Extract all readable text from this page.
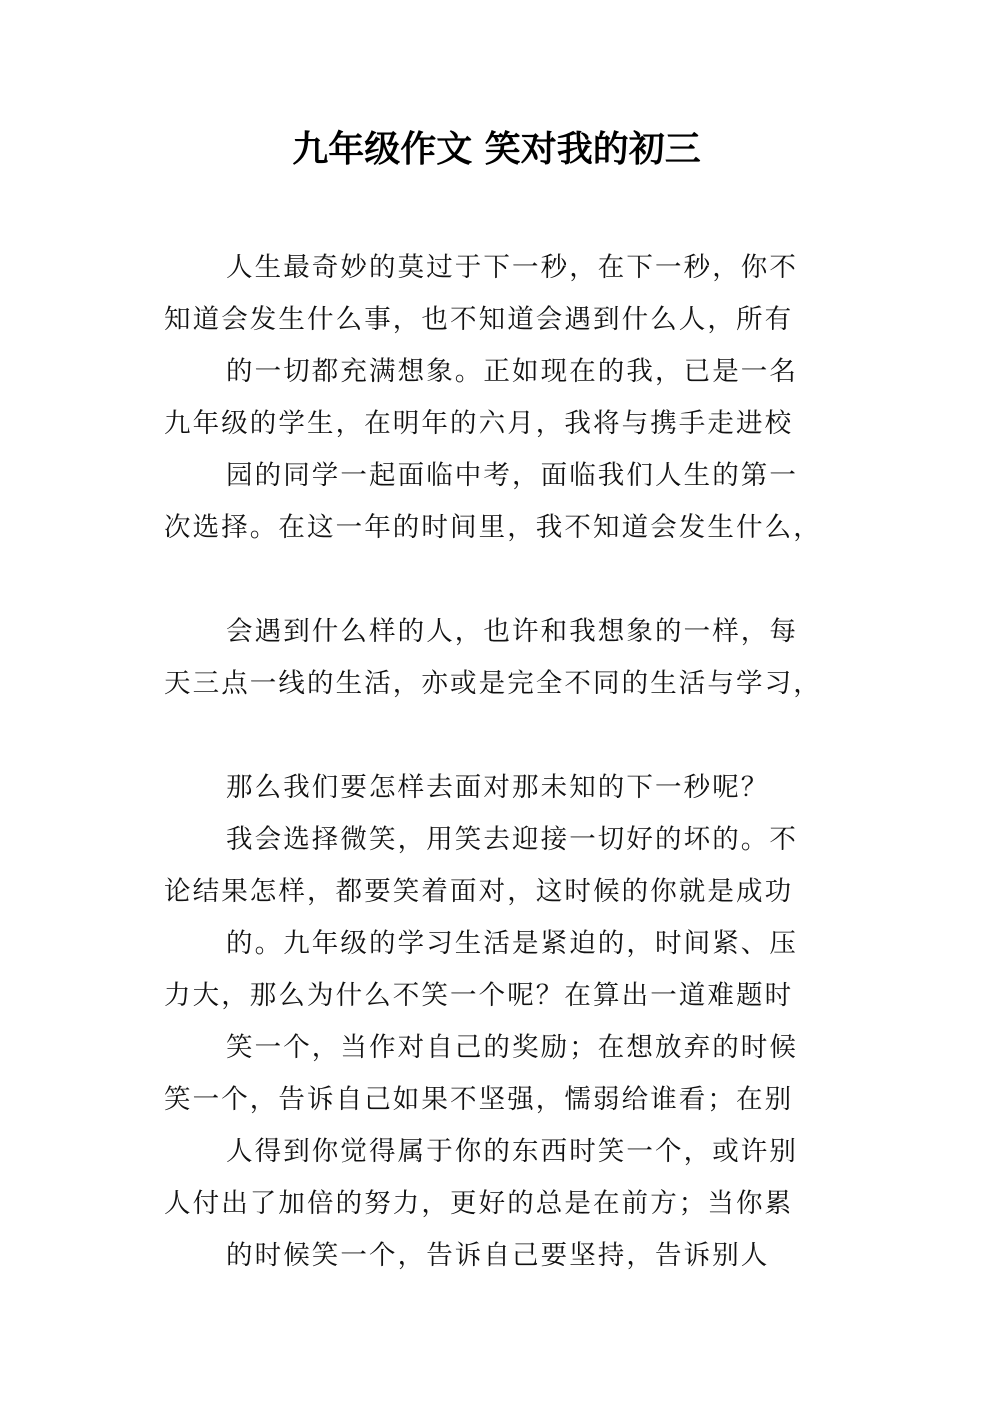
九年级作文 笑对我的初三
人生最奇妙的莫过于下一秒，在下一秒，你不
知道会发生什么事，也不知道会遇到什么人，所有
的一切都充满想象。正如现在的我，已是一名
九年级的学生，在明年的六月，我将与携手走进校
园的同学一起面临中考，面临我们人生的第一
次选择。在这一年的时间里，我不知道会发生什么，
会遇到什么样的人，也许和我想象的一样，每
天三点一线的生活，亦或是完全不同的生活与学习，
那么我们要怎样去面对那未知的下一秒呢？
我会选择微笑，用笑去迎接一切好的坏的。不
论结果怎样，都要笑着面对，这时候的你就是成功
的。九年级的学习生活是紧迫的，时间紧、压
力大，那么为什么不笑一个呢？在算出一道难题时
笑一个，当作对自己的奖励；在想放弃的时候
笑一个，告诉自己如果不坚强，懦弱给谁看；在别
人得到你觉得属于你的东西时笑一个，或许别
人付出了加倍的努力，更好的总是在前方；当你累
的时候笑一个，告诉自己要坚持，告诉别人
